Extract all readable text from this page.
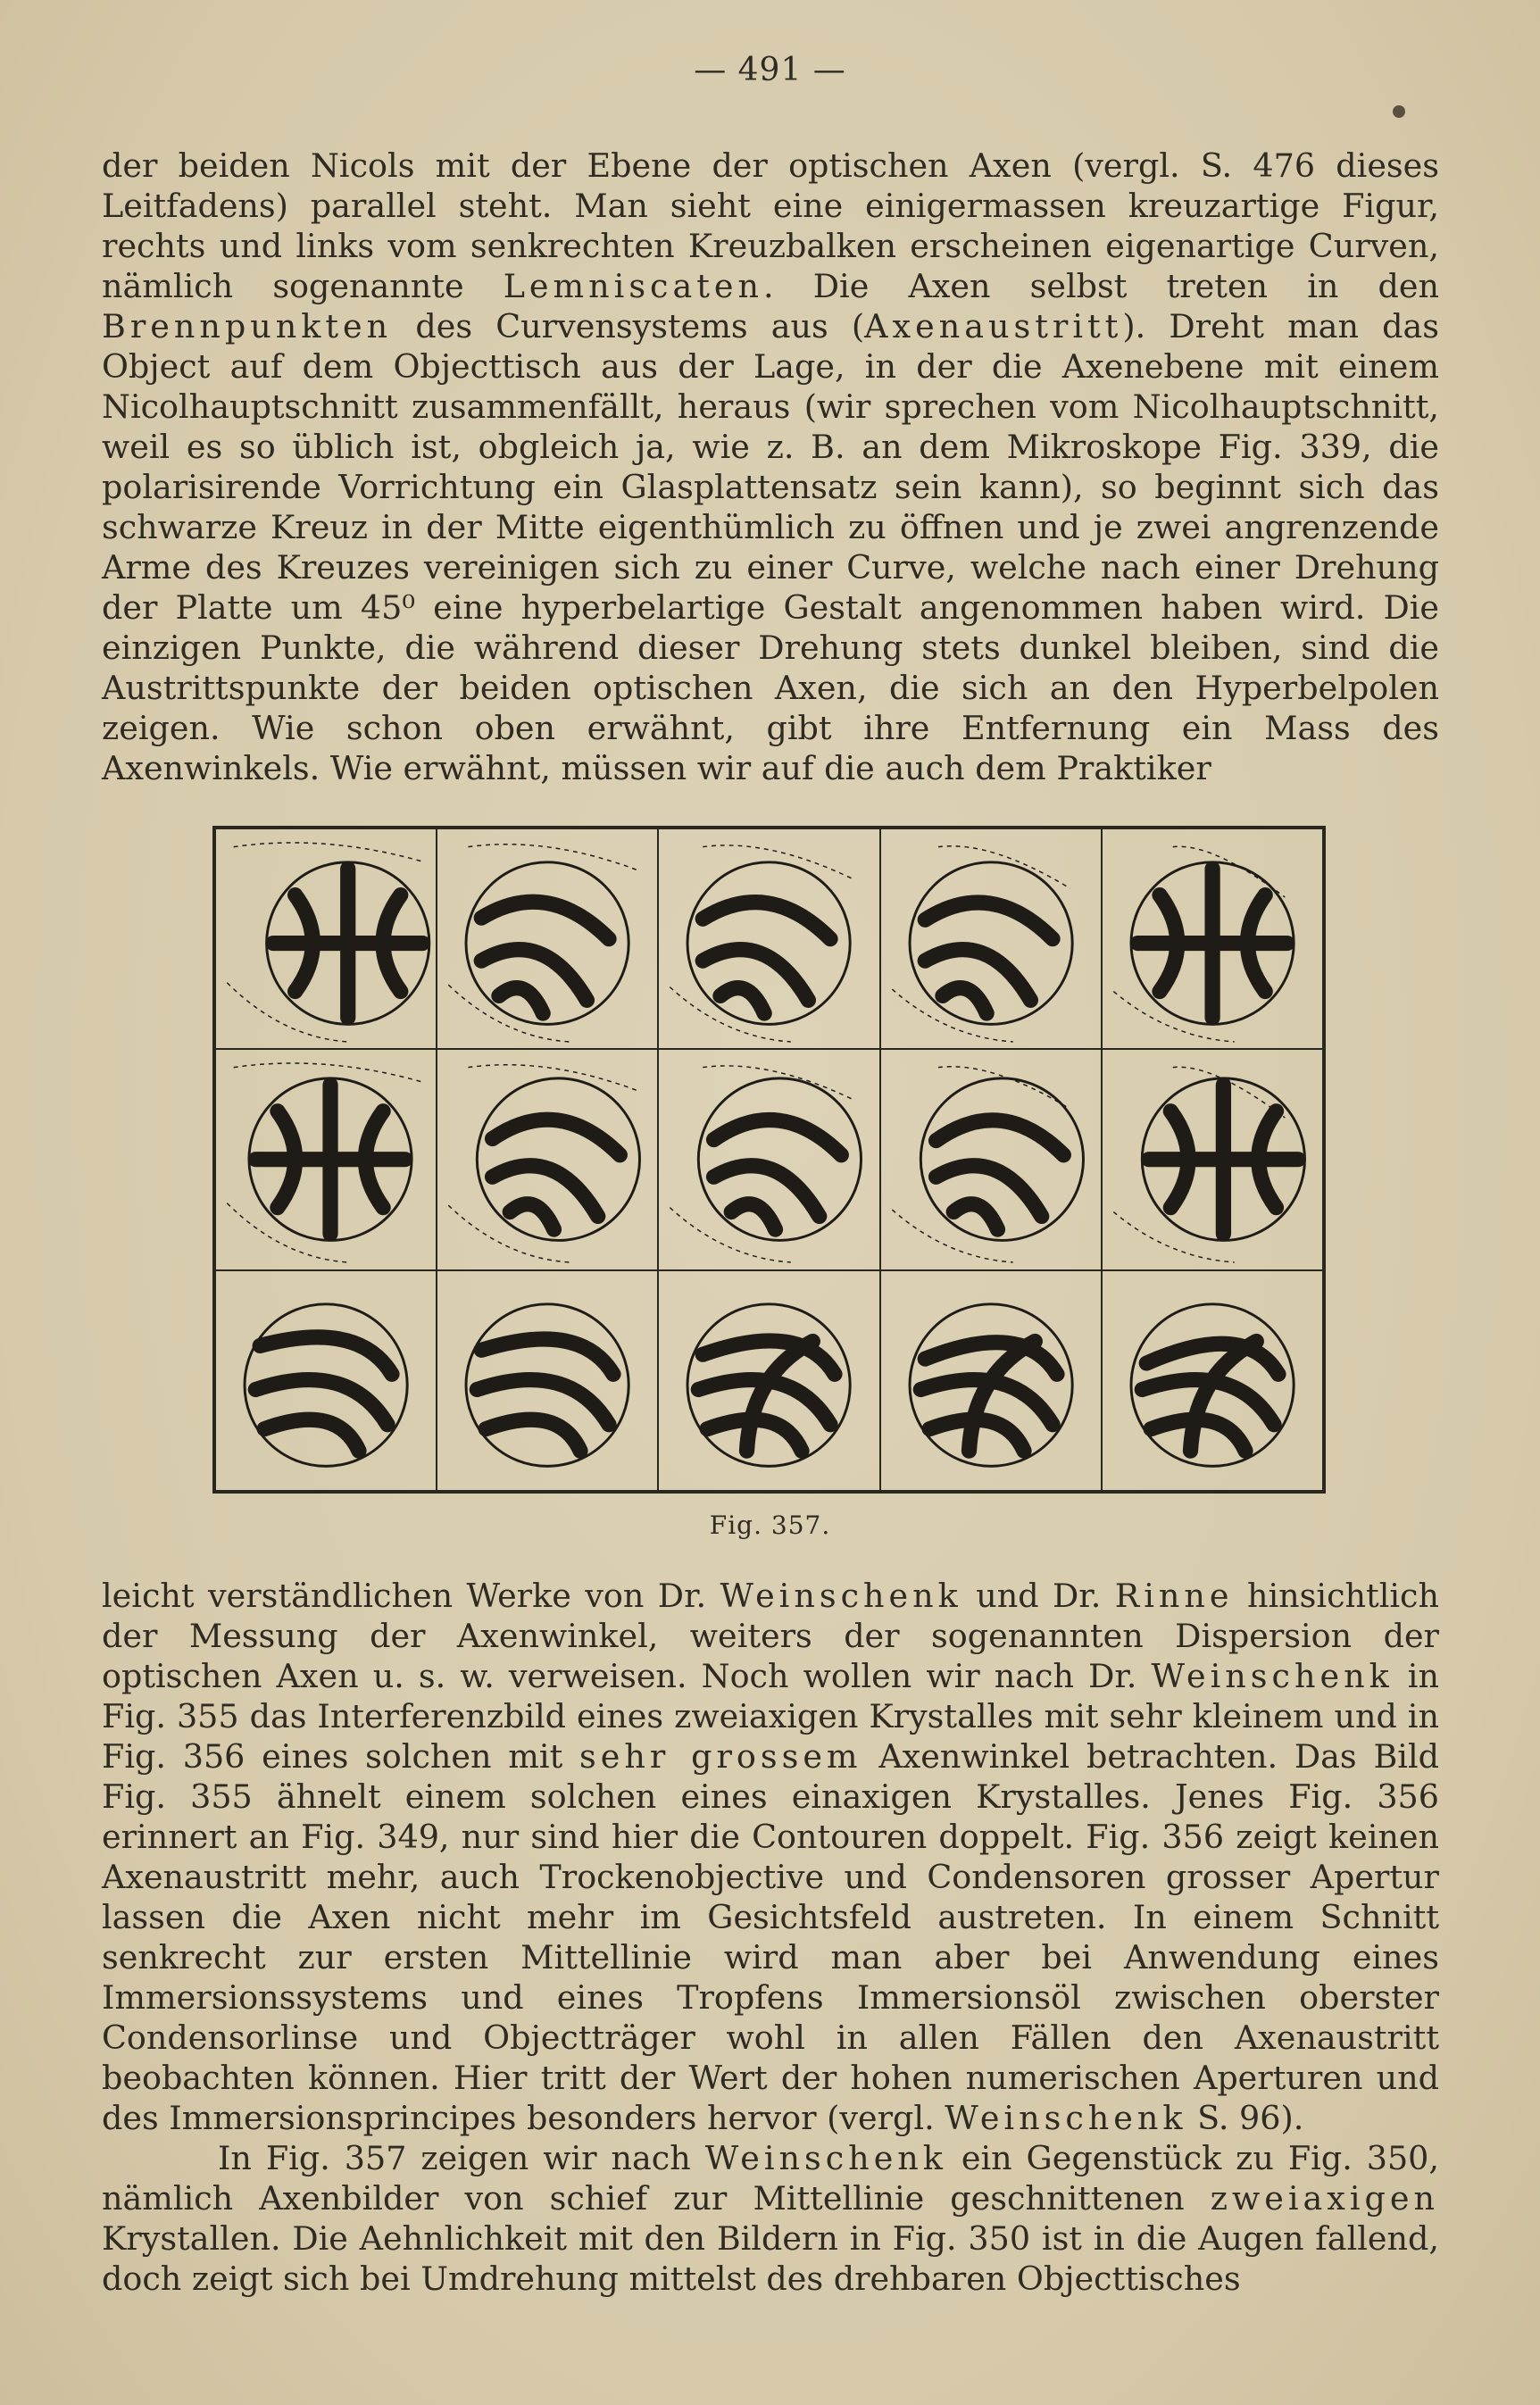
— 491 —

der beiden Nicols mit der Ebene der optischen Axen (vergl. S. 476 dieses Leitfadens) parallel steht. Man sieht eine einigermassen kreuzartige Figur, rechts und links vom senkrechten Kreuzbalken erscheinen eigenartige Curven, nämlich sogenannte Lemniscaten. Die Axen selbst treten in den Brennpunkten des Curvensystems aus (Axenaustritt). Dreht man das Object auf dem Objecttisch aus der Lage, in der die Axenebene mit einem Nicolhauptschnitt zusammenfällt, heraus (wir sprechen vom Nicolhauptschnitt, weil es so üblich ist, obgleich ja, wie z. B. an dem Mikroskope Fig. 339, die polarisirende Vorrichtung ein Glasplattensatz sein kann), so beginnt sich das schwarze Kreuz in der Mitte eigenthümlich zu öffnen und je zwei angrenzende Arme des Kreuzes vereinigen sich zu einer Curve, welche nach einer Drehung der Platte um 45⁰ eine hyperbelartige Gestalt angenommen haben wird. Die einzigen Punkte, die während dieser Drehung stets dunkel bleiben, sind die Austrittspunkte der beiden optischen Axen, die sich an den Hyperbelpolen zeigen. Wie schon oben erwähnt, gibt ihre Entfernung ein Mass des Axenwinkels. Wie erwähnt, müssen wir auf die auch dem Praktiker

Fig. 357.

leicht verständlichen Werke von Dr. Weinschenk und Dr. Rinne hinsichtlich der Messung der Axenwinkel, weiters der sogenannten Dispersion der optischen Axen u. s. w. verweisen. Noch wollen wir nach Dr. Weinschenk in Fig. 355 das Interferenzbild eines zweiaxigen Krystalles mit sehr kleinem und in Fig. 356 eines solchen mit sehr grossem Axenwinkel betrachten. Das Bild Fig. 355 ähnelt einem solchen eines einaxigen Krystalles. Jenes Fig. 356 erinnert an Fig. 349, nur sind hier die Contouren doppelt. Fig. 356 zeigt keinen Axenaustritt mehr, auch Trockenobjective und Condensoren grosser Apertur lassen die Axen nicht mehr im Gesichtsfeld austreten. In einem Schnitt senkrecht zur ersten Mittellinie wird man aber bei Anwendung eines Immersionssystems und eines Tropfens Immersionsöl zwischen oberster Condensorlinse und Objectträger wohl in allen Fällen den Axenaustritt beobachten können. Hier tritt der Wert der hohen numerischen Aperturen und des Immersionsprincipes besonders hervor (vergl. Weinschenk S. 96).

In Fig. 357 zeigen wir nach Weinschenk ein Gegenstück zu Fig. 350, nämlich Axenbilder von schief zur Mittellinie geschnittenen zweiaxigen Krystallen. Die Aehnlichkeit mit den Bildern in Fig. 350 ist in die Augen fallend, doch zeigt sich bei Umdrehung mittelst des drehbaren Objecttisches
